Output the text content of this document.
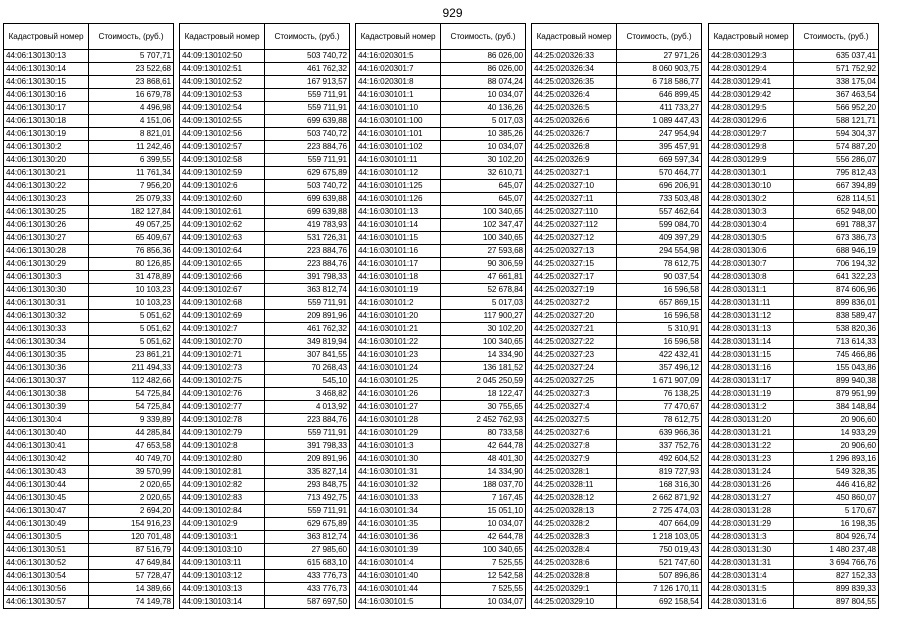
929
Кадастровый номер	Стоимость, (руб.)
44:06:130130:13	5 707,71
44:06:130130:14	23 522,68
44:06:130130:15	23 868,61
44:06:130130:16	16 679,78
44:06:130130:17	4 496,98
44:06:130130:18	4 151,06
44:06:130130:19	8 821,01
44:06:130130:2	11 242,46
44:06:130130:20	6 399,55
44:06:130130:21	11 761,34
44:06:130130:22	7 956,20
44:06:130130:23	25 079,33
44:06:130130:25	182 127,84
44:06:130130:26	49 057,25
44:06:130130:27	65 409,67
44:06:130130:28	76 856,36
44:06:130130:29	80 126,85
44:06:130130:3	31 478,89
44:06:130130:30	10 103,23
44:06:130130:31	10 103,23
44:06:130130:32	5 051,62
44:06:130130:33	5 051,62
44:06:130130:34	5 051,62
44:06:130130:35	23 861,21
44:06:130130:36	211 494,33
44:06:130130:37	112 482,66
44:06:130130:38	54 725,84
44:06:130130:39	54 725,84
44:06:130130:4	9 339,89
44:06:130130:40	44 285,84
44:06:130130:41	47 653,58
44:06:130130:42	40 749,70
44:06:130130:43	39 570,99
44:06:130130:44	2 020,65
44:06:130130:45	2 020,65
44:06:130130:47	2 694,20
44:06:130130:49	154 916,23
44:06:130130:5	120 701,48
44:06:130130:51	87 516,79
44:06:130130:52	47 649,84
44:06:130130:54	57 728,47
44:06:130130:56	14 389,66
44:06:130130:57	74 149,78
Кадастровый номер	Стоимость, (руб.)
44:09:130102:50	503 740,72
44:09:130102:51	461 762,32
44:09:130102:52	167 913,57
44:09:130102:53	559 711,91
44:09:130102:54	559 711,91
44:09:130102:55	699 639,88
44:09:130102:56	503 740,72
44:09:130102:57	223 884,76
44:09:130102:58	559 711,91
44:09:130102:59	629 675,89
44:09:130102:6	503 740,72
44:09:130102:60	699 639,88
44:09:130102:61	699 639,88
44:09:130102:62	419 783,93
44:09:130102:63	531 726,31
44:09:130102:64	223 884,76
44:09:130102:65	223 884,76
44:09:130102:66	391 798,33
44:09:130102:67	363 812,74
44:09:130102:68	559 711,91
44:09:130102:69	209 891,96
44:09:130102:7	461 762,32
44:09:130102:70	349 819,94
44:09:130102:71	307 841,55
44:09:130102:73	70 268,43
44:09:130102:75	545,10
44:09:130102:76	3 468,82
44:09:130102:77	4 013,92
44:09:130102:78	223 884,76
44:09:130102:79	559 711,91
44:09:130102:8	391 798,33
44:09:130102:80	209 891,96
44:09:130102:81	335 827,14
44:09:130102:82	293 848,75
44:09:130102:83	713 492,75
44:09:130102:84	559 711,91
44:09:130102:9	629 675,89
44:09:130103:1	363 812,74
44:09:130103:10	27 985,60
44:09:130103:11	615 683,10
44:09:130103:12	433 776,73
44:09:130103:13	433 776,73
44:09:130103:14	587 697,50
Кадастровый номер	Стоимость, (руб.)
44:16:020301:5	86 026,00
44:16:020301:7	86 026,00
44:16:020301:8	88 074,24
44:16:030101:1	10 034,07
44:16:030101:10	40 136,26
44:16:030101:100	5 017,03
44:16:030101:101	10 385,26
44:16:030101:102	10 034,07
44:16:030101:11	30 102,20
44:16:030101:12	32 610,71
44:16:030101:125	645,07
44:16:030101:126	645,07
44:16:030101:13	100 340,65
44:16:030101:14	102 347,47
44:16:030101:15	100 340,65
44:16:030101:16	27 593,68
44:16:030101:17	90 306,59
44:16:030101:18	47 661,81
44:16:030101:19	52 678,84
44:16:030101:2	5 017,03
44:16:030101:20	117 900,27
44:16:030101:21	30 102,20
44:16:030101:22	100 340,65
44:16:030101:23	14 334,90
44:16:030101:24	136 181,52
44:16:030101:25	2 045 250,59
44:16:030101:26	18 122,47
44:16:030101:27	30 755,65
44:16:030101:28	2 452 762,93
44:16:030101:29	80 733,58
44:16:030101:3	42 644,78
44:16:030101:30	48 401,30
44:16:030101:31	14 334,90
44:16:030101:32	188 037,70
44:16:030101:33	7 167,45
44:16:030101:34	15 051,10
44:16:030101:35	10 034,07
44:16:030101:36	42 644,78
44:16:030101:39	100 340,65
44:16:030101:4	7 525,55
44:16:030101:40	12 542,58
44:16:030101:44	7 525,55
44:16:030101:5	10 034,07
Кадастровый номер	Стоимость, (руб.)
44:25:020326:33	27 971,26
44:25:020326:34	8 060 903,75
44:25:020326:35	6 718 586,77
44:25:020326:4	646 899,45
44:25:020326:5	411 733,27
44:25:020326:6	1 089 447,43
44:25:020326:7	247 954,94
44:25:020326:8	395 457,91
44:25:020326:9	669 597,34
44:25:020327:1	570 464,77
44:25:020327:10	696 206,91
44:25:020327:11	733 503,48
44:25:020327:110	557 462,64
44:25:020327:112	599 084,70
44:25:020327:12	409 397,29
44:25:020327:13	294 554,98
44:25:020327:15	78 612,75
44:25:020327:17	90 037,54
44:25:020327:19	16 596,58
44:25:020327:2	657 869,15
44:25:020327:20	16 596,58
44:25:020327:21	5 310,91
44:25:020327:22	16 596,58
44:25:020327:23	422 432,41
44:25:020327:24	357 496,12
44:25:020327:25	1 671 907,09
44:25:020327:3	76 138,25
44:25:020327:4	77 470,67
44:25:020327:5	78 612,75
44:25:020327:6	639 966,36
44:25:020327:8	337 752,76
44:25:020327:9	492 604,52
44:25:020328:1	819 727,93
44:25:020328:11	168 316,30
44:25:020328:12	2 662 871,92
44:25:020328:13	2 725 474,03
44:25:020328:2	407 664,09
44:25:020328:3	1 218 103,05
44:25:020328:4	750 019,43
44:25:020328:6	521 747,60
44:25:020328:8	507 896,86
44:25:020329:1	7 126 170,11
44:25:020329:10	692 158,54
Кадастровый номер	Стоимость, (руб.)
44:28:030129:3	635 037,41
44:28:030129:4	571 752,92
44:28:030129:41	338 175,04
44:28:030129:42	367 463,54
44:28:030129:5	566 952,20
44:28:030129:6	588 121,71
44:28:030129:7	594 304,37
44:28:030129:8	574 887,20
44:28:030129:9	556 286,07
44:28:030130:1	795 812,43
44:28:030130:10	667 394,89
44:28:030130:2	628 114,51
44:28:030130:3	652 948,00
44:28:030130:4	691 788,37
44:28:030130:5	673 386,73
44:28:030130:6	688 946,19
44:28:030130:7	706 194,32
44:28:030130:8	641 322,23
44:28:030131:1	874 606,96
44:28:030131:11	899 836,01
44:28:030131:12	838 589,47
44:28:030131:13	538 820,36
44:28:030131:14	713 614,33
44:28:030131:15	745 466,86
44:28:030131:16	155 043,86
44:28:030131:17	899 940,38
44:28:030131:19	879 951,99
44:28:030131:2	384 148,84
44:28:030131:20	20 906,60
44:28:030131:21	14 933,29
44:28:030131:22	20 906,60
44:28:030131:23	1 296 893,16
44:28:030131:24	549 328,35
44:28:030131:26	446 416,82
44:28:030131:27	450 860,07
44:28:030131:28	5 170,67
44:28:030131:29	16 198,35
44:28:030131:3	804 926,74
44:28:030131:30	1 480 237,48
44:28:030131:31	3 694 766,76
44:28:030131:4	827 152,33
44:28:030131:5	899 839,33
44:28:030131:6	897 804,55
